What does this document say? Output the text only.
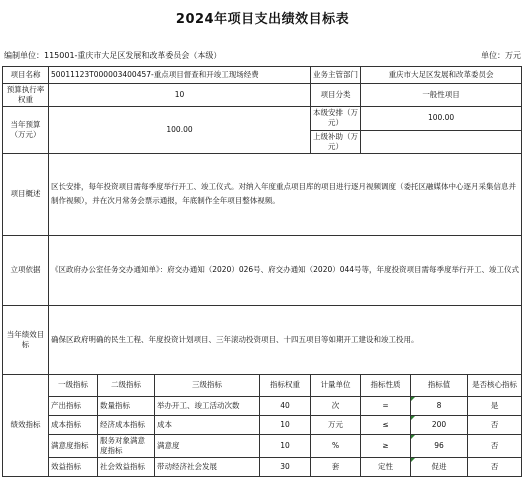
2024年项目支出绩效目标表
编制单位：115001-重庆市大足区发展和改革委员会（本级）	单位：万元
项目名称	50011123T000003400457-重点项目督查和开竣工现场经费				业务主管部门	重庆市大足区发展和改革委员会		
预算执行率权重	10				项目分类	一般性项目		
当年预算（万元）	100.00				本级安排（万元）	100.00		
					上级补助（万元）			
项目概述	区长安排，每年投资项目需每季度举行开工、竣工仪式。对纳入年度重点项目库的项目进行逐月视频调度（委托区融媒体中心逐月采集信息并制作视频），并在次月常务会票示通报，年底制作全年项目整体视频。							
立项依据	《区政府办公室任务交办通知单》：府交办通知（2020）026号、府交办通知（2020）044号等，年度投资项目需每季度举行开工、竣工仪式							
当年绩效目标	确保区政府明确的民生工程、年度投资计划项目、三年滚动投资项目、十四五项目等如期开工建设和竣工投用。							
绩效指标	一级指标	二级指标	三级指标	指标权重	计量单位	指标性质	指标值	是否核心指标
	产出指标	数量指标	举办开工、竣工活动次数	40	次	=	8	是
	成本指标	经济成本指标	成本	10	万元	≤	200	否
	满意度指标	服务对象满意度指标	满意度	10	%	≥	96	否
	效益指标	社会效益指标	带动经济社会发展	30	套	定性	促进	否
